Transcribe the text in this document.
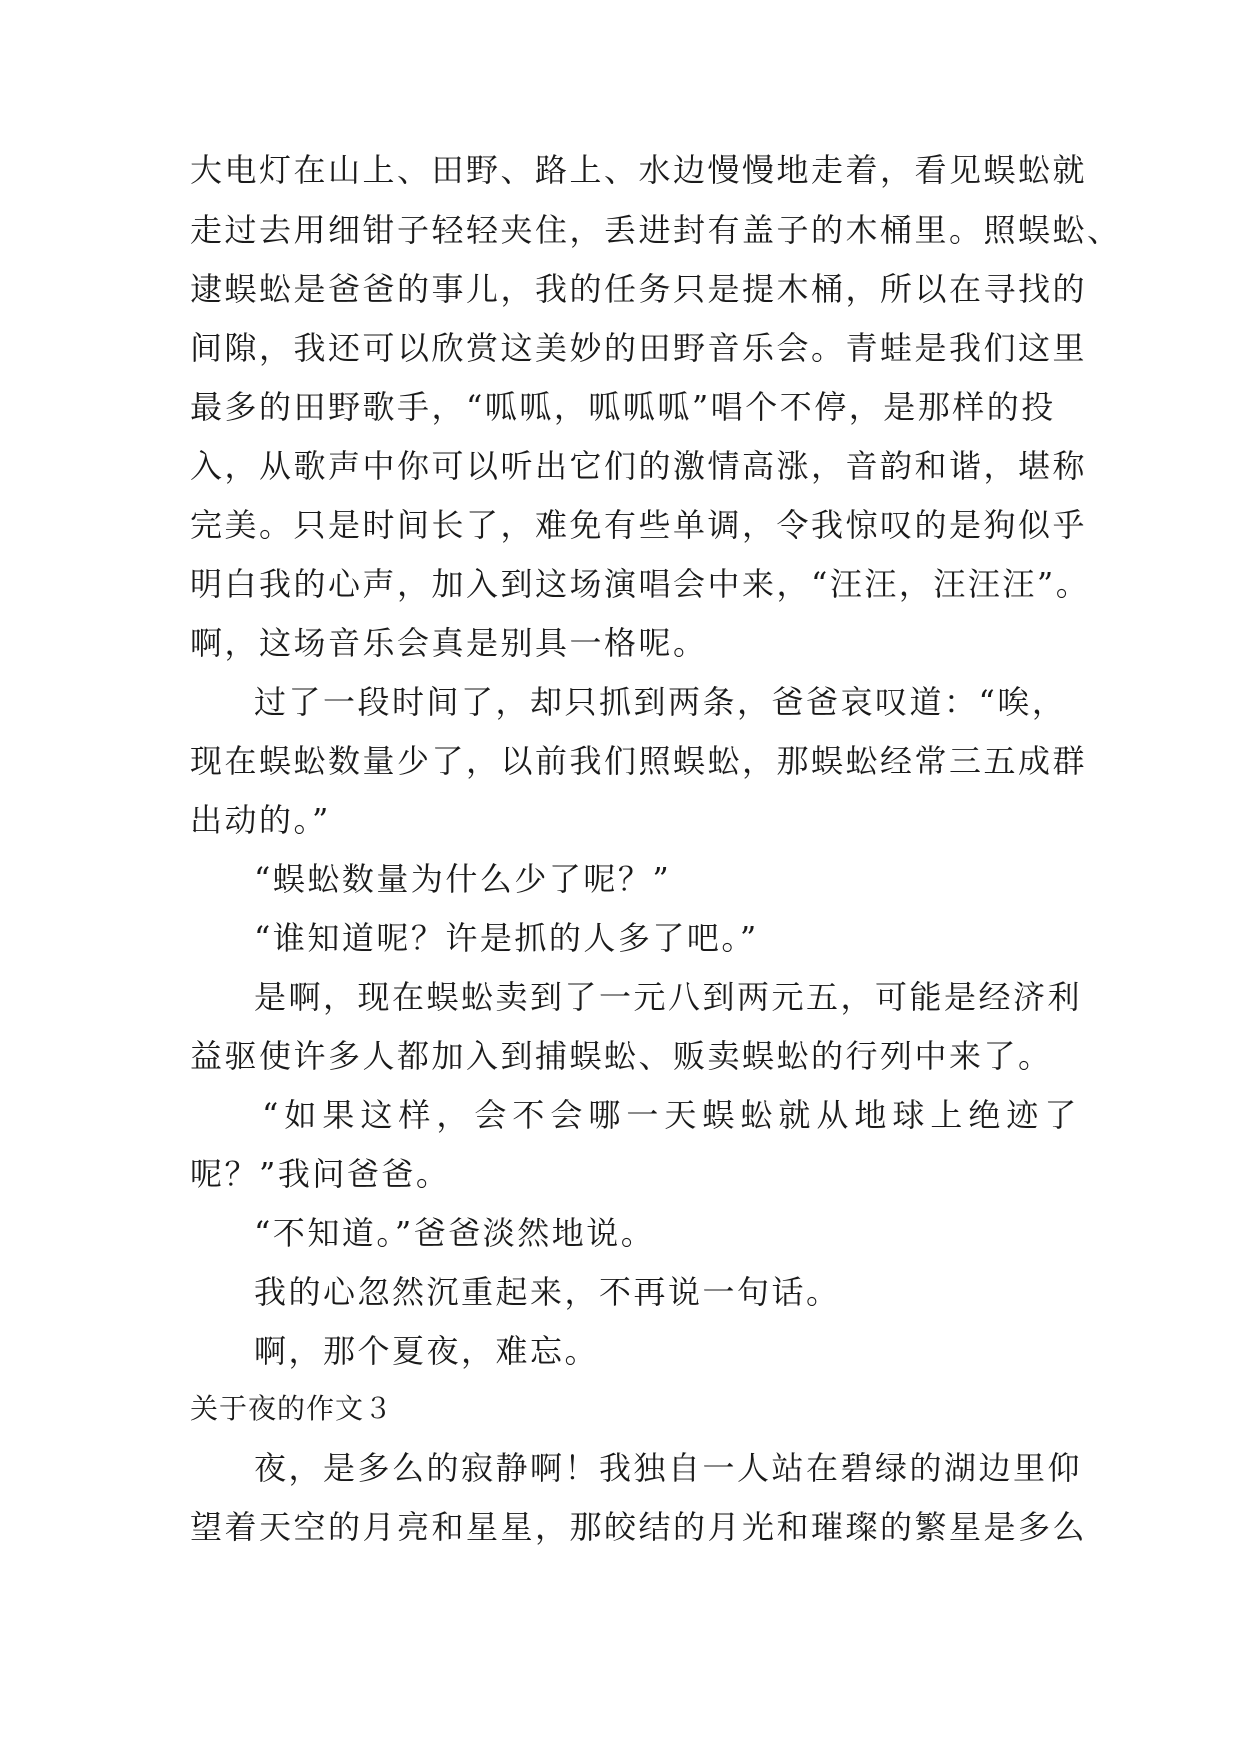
大电灯在山上、田野、路上、水边慢慢地走着，看见蜈蚣就

走过去用细钳子轻轻夹住，丢进封有盖子的木桶里。照蜈蚣、

逮蜈蚣是爸爸的事儿，我的任务只是提木桶，所以在寻找的

间隙，我还可以欣赏这美妙的田野音乐会。青蛙是我们这里

最多的田野歌手，“呱呱，呱呱呱”唱个不停，是那样的投

入，从歌声中你可以听出它们的激情高涨，音韵和谐，堪称

完美。只是时间长了，难免有些单调，令我惊叹的是狗似乎

明白我的心声，加入到这场演唱会中来，“汪汪，汪汪汪”。

啊，这场音乐会真是别具一格呢。

过了一段时间了，却只抓到两条，爸爸哀叹道：“唉，

现在蜈蚣数量少了，以前我们照蜈蚣，那蜈蚣经常三五成群

出动的。”

“蜈蚣数量为什么少了呢？”

“谁知道呢？许是抓的人多了吧。”

是啊，现在蜈蚣卖到了一元八到两元五，可能是经济利

益驱使许多人都加入到捕蜈蚣、贩卖蜈蚣的行列中来了。

“如果这样，会不会哪一天蜈蚣就从地球上绝迹了

呢？”我问爸爸。

“不知道。”爸爸淡然地说。

我的心忽然沉重起来，不再说一句话。

啊，那个夏夜，难忘。

关于夜的作文３

夜，是多么的寂静啊！我独自一人站在碧绿的湖边里仰

望着天空的月亮和星星，那皎结的月光和璀璨的繁星是多么
